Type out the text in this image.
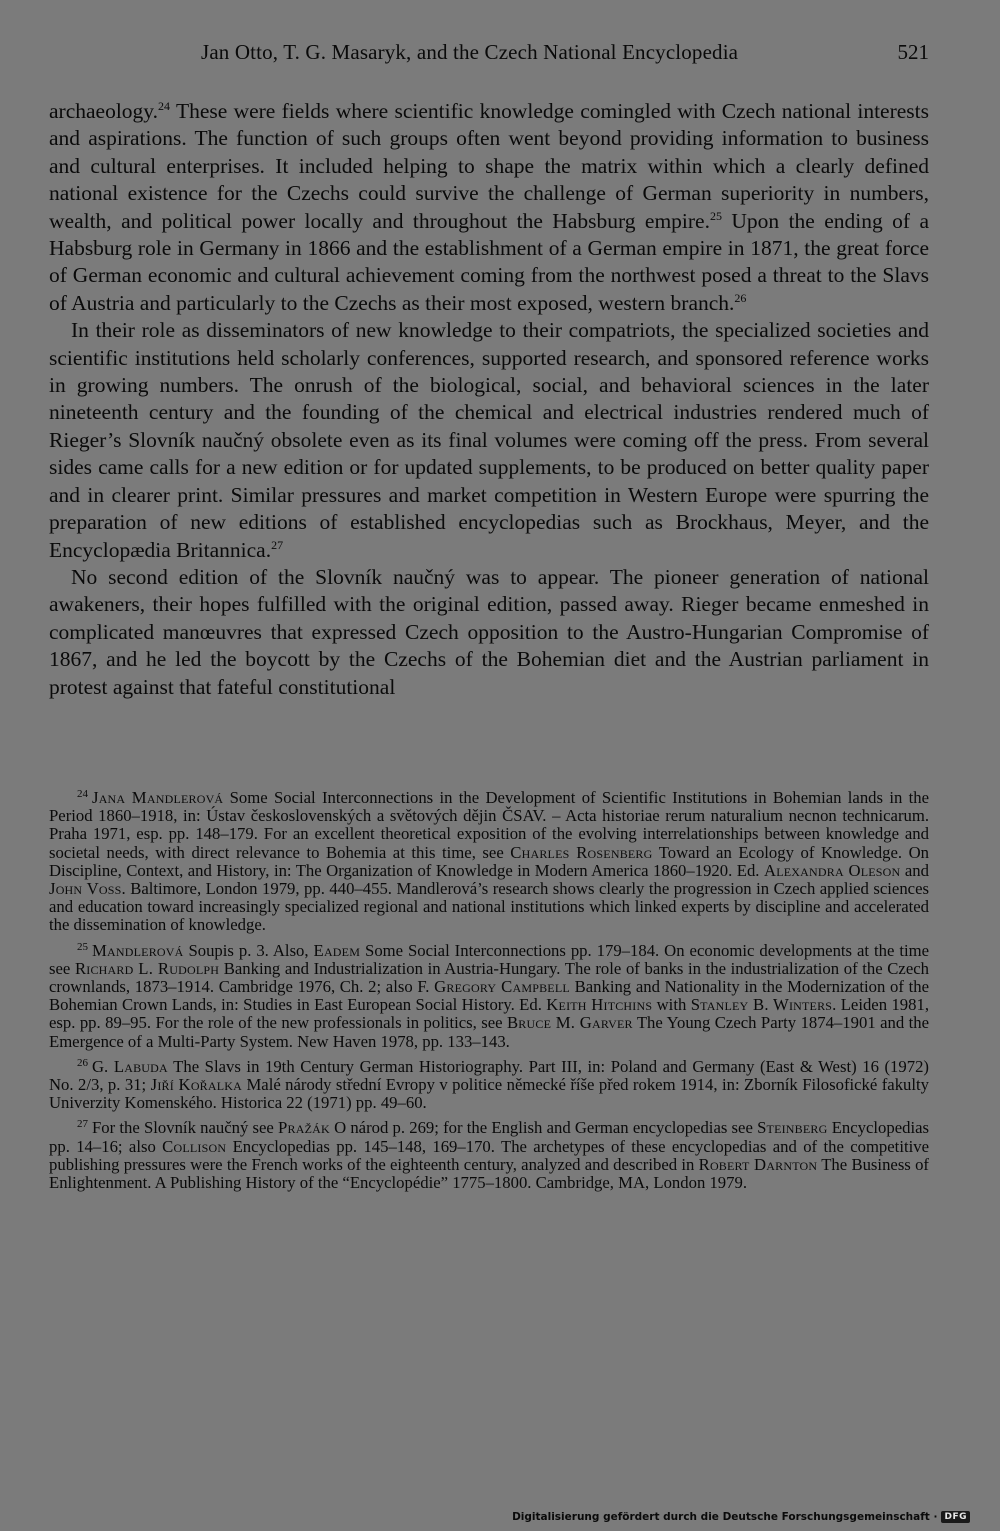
Jan Otto, T. G. Masaryk, and the Czech National Encyclopedia	521

archaeology.$^{24}$ These were fields where scientific knowledge comingled with Czech national interests and aspirations. The function of such groups often went beyond providing information to business and cultural enterprises. It included helping to shape the matrix within which a clearly defined national existence for the Czechs could survive the challenge of German superiority in numbers, wealth, and political power locally and throughout the Habsburg empire.$^{25}$ Upon the ending of a Habsburg role in Germany in 1866 and the establishment of a German empire in 1871, the great force of German economic and cultural achievement coming from the northwest posed a threat to the Slavs of Austria and particularly to the Czechs as their most exposed, western branch.$^{26}$

In their role as disseminators of new knowledge to their compatriots, the specialized societies and scientific institutions held scholarly conferences, supported research, and sponsored reference works in growing numbers. The onrush of the biological, social, and behavioral sciences in the later nineteenth century and the founding of the chemical and electrical industries rendered much of Rieger’s Slovník naučný obsolete even as its final volumes were coming off the press. From several sides came calls for a new edition or for updated supplements, to be produced on better quality paper and in clearer print. Similar pressures and market competition in Western Europe were spurring the preparation of new editions of established encyclopedias such as Brockhaus, Meyer, and the Encyclopædia Britannica.$^{27}$

No second edition of the Slovník naučný was to appear. The pioneer generation of national awakeners, their hopes fulfilled with the original edition, passed away. Rieger became enmeshed in complicated manœuvres that expressed Czech opposition to the Austro-Hungarian Compromise of 1867, and he led the boycott by the Czechs of the Bohemian diet and the Austrian parliament in protest against that fateful constitutional

$^{24}$ Jana Mandlerová Some Social Interconnections in the Development of Scientific Institutions in Bohemian lands in the Period 1860–1918, in: Ústav československých a světových dějin ČSAV. – Acta historiae rerum naturalium necnon technicarum. Praha 1971, esp. pp. 148–179. For an excellent theoretical exposition of the evolving interrelationships between knowledge and societal needs, with direct relevance to Bohemia at this time, see Charles Rosenberg Toward an Ecology of Knowledge. On Discipline, Context, and History, in: The Organization of Knowledge in Modern America 1860–1920. Ed. Alexandra Oleson and John Voss. Baltimore, London 1979, pp. 440–455. Mandlerová’s research shows clearly the progression in Czech applied sciences and education toward increasingly specialized regional and national institutions which linked experts by discipline and accelerated the dissemination of knowledge.

$^{25}$ Mandlerová Soupis p. 3. Also, Eadem Some Social Interconnections pp. 179–184. On economic developments at the time see Richard L. Rudolph Banking and Industrialization in Austria-Hungary. The role of banks in the industrialization of the Czech crownlands, 1873–1914. Cambridge 1976, Ch. 2; also F. Gregory Campbell Banking and Nationality in the Modernization of the Bohemian Crown Lands, in: Studies in East European Social History. Ed. Keith Hitchins with Stanley B. Winters. Leiden 1981, esp. pp. 89–95. For the role of the new professionals in politics, see Bruce M. Garver The Young Czech Party 1874–1901 and the Emergence of a Multi-Party System. New Haven 1978, pp. 133–143.

$^{26}$ G. Labuda The Slavs in 19th Century German Historiography. Part III, in: Poland and Germany (East & West) 16 (1972) No. 2/3, p. 31; Jiří Kořalka Malé národy střední Evropy v politice německé říše před rokem 1914, in: Zborník Filosofické fakulty Univerzity Komenského. Historica 22 (1971) pp. 49–60.

$^{27}$ For the Slovník naučný see Pražák O národ p. 269; for the English and German encyclopedias see Steinberg Encyclopedias pp. 14–16; also Collison Encyclopedias pp. 145–148, 169–170. The archetypes of these encyclopedias and of the competitive publishing pressures were the French works of the eighteenth century, analyzed and described in Robert Darnton The Business of Enlightenment. A Publishing History of the “Encyclopédie” 1775–1800. Cambridge, MA, London 1979.

Digitalisierung gefördert durch die Deutsche Forschungsgemeinschaft · DFG
